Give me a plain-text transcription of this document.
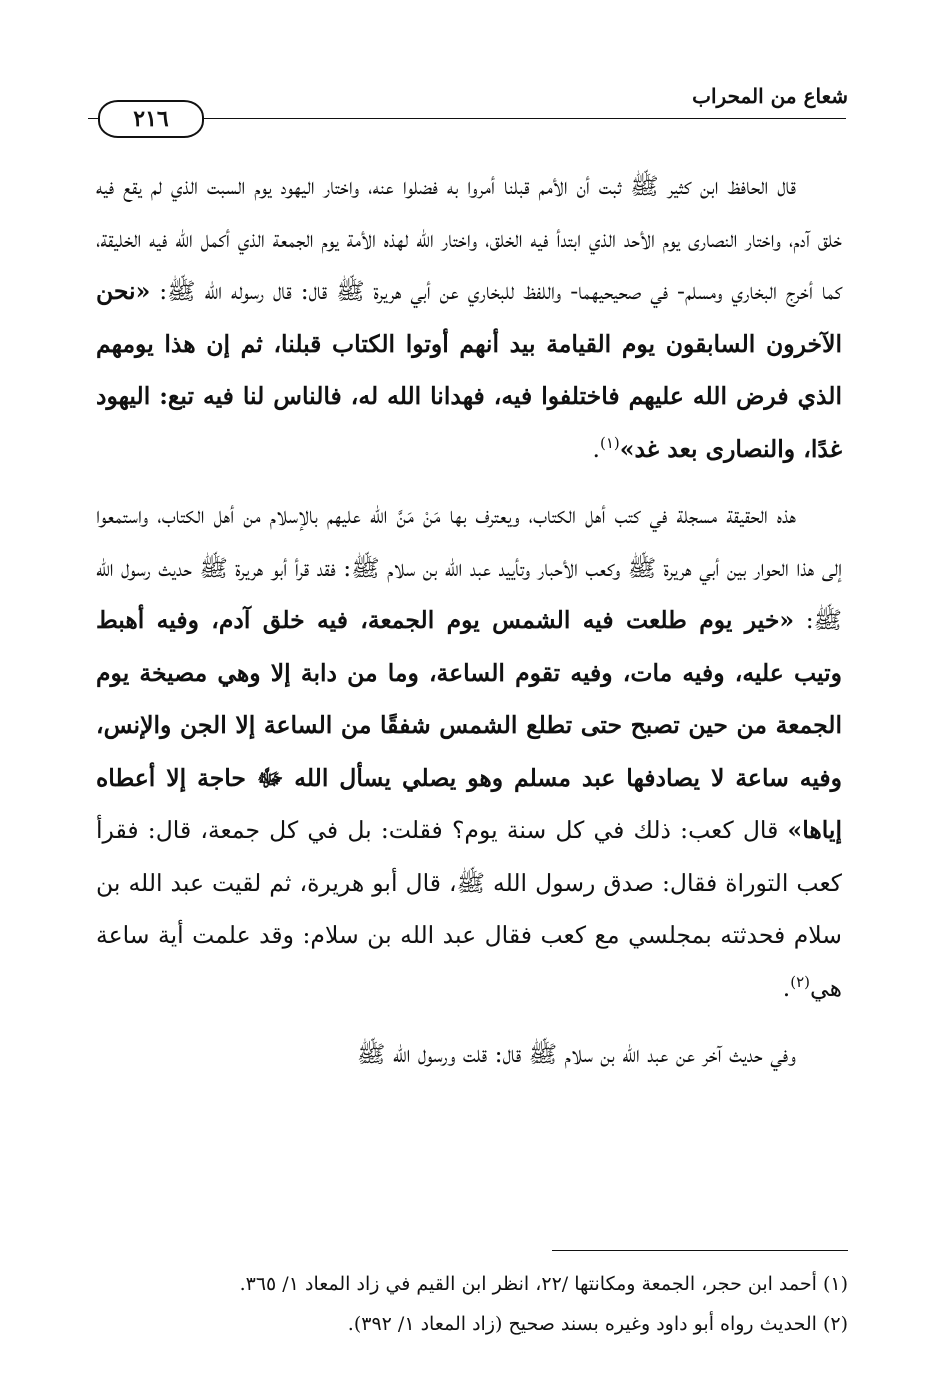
شعاع من المحراب
٢١٦

قال الحافظ ابن كثير ﷺ ثبت أن الأمم قبلنا أمروا به فضلوا عنه، واختار اليهود يوم السبت الذي لم يقع فيه خلق آدم، واختار النصارى يوم الأحد الذي ابتدأ فيه الخلق، واختار الله لهذه الأمة يوم الجمعة الذي أكمل الله فيه الخليقة، كما أخرج البخاري ومسلم- في صحيحيهما- واللفظ للبخاري عن أبي هريرة ﷺ قال: قال رسوله الله ﷺ: «نحن الآخرون السابقون يوم القيامة بيد أنهم أوتوا الكتاب قبلنا، ثم إن هذا يومهم الذي فرض الله عليهم فاختلفوا فيه، فهدانا الله له، فالناس لنا فيه تبع: اليهود غدًا، والنصارى بعد غد»$^{(١)}$.

هذه الحقيقة مسجلة في كتب أهل الكتاب، ويعترف بها مَنْ مَنَّ الله عليهم بالإسلام من أهل الكتاب، واستمعوا إلى هذا الحوار بين أبي هريرة ﷺ وكعب الأحبار وتأييد عبد الله بن سلام ﷺ: فقد قرأ أبو هريرة ﷺ حديث رسول الله ﷺ: «خير يوم طلعت فيه الشمس يوم الجمعة، فيه خلق آدم، وفيه أهبط وتيب عليه، وفيه مات، وفيه تقوم الساعة، وما من دابة إلا وهي مصيخة يوم الجمعة من حين تصبح حتى تطلع الشمس شفقًا من الساعة إلا الجن والإنس، وفيه ساعة لا يصادفها عبد مسلم وهو يصلي يسأل الله ﷻ حاجة إلا أعطاه إياها» قال كعب: ذلك في كل سنة يوم؟ فقلت: بل في كل جمعة، قال: فقرأ كعب التوراة فقال: صدق رسول الله ﷺ، قال أبو هريرة، ثم لقيت عبد الله بن سلام فحدثته بمجلسي مع كعب فقال عبد الله بن سلام: وقد علمت أية ساعة هي$^{(٢)}$.

وفي حديث آخر عن عبد الله بن سلام ﷺ قال: قلت ورسول الله ﷺ

(١) أحمد ابن حجر، الجمعة ومكانتها /٢٢، انظر ابن القيم في زاد المعاد ١/ ٣٦٥.
(٢) الحديث رواه أبو داود وغيره بسند صحيح (زاد المعاد ١/ ٣٩٢).
